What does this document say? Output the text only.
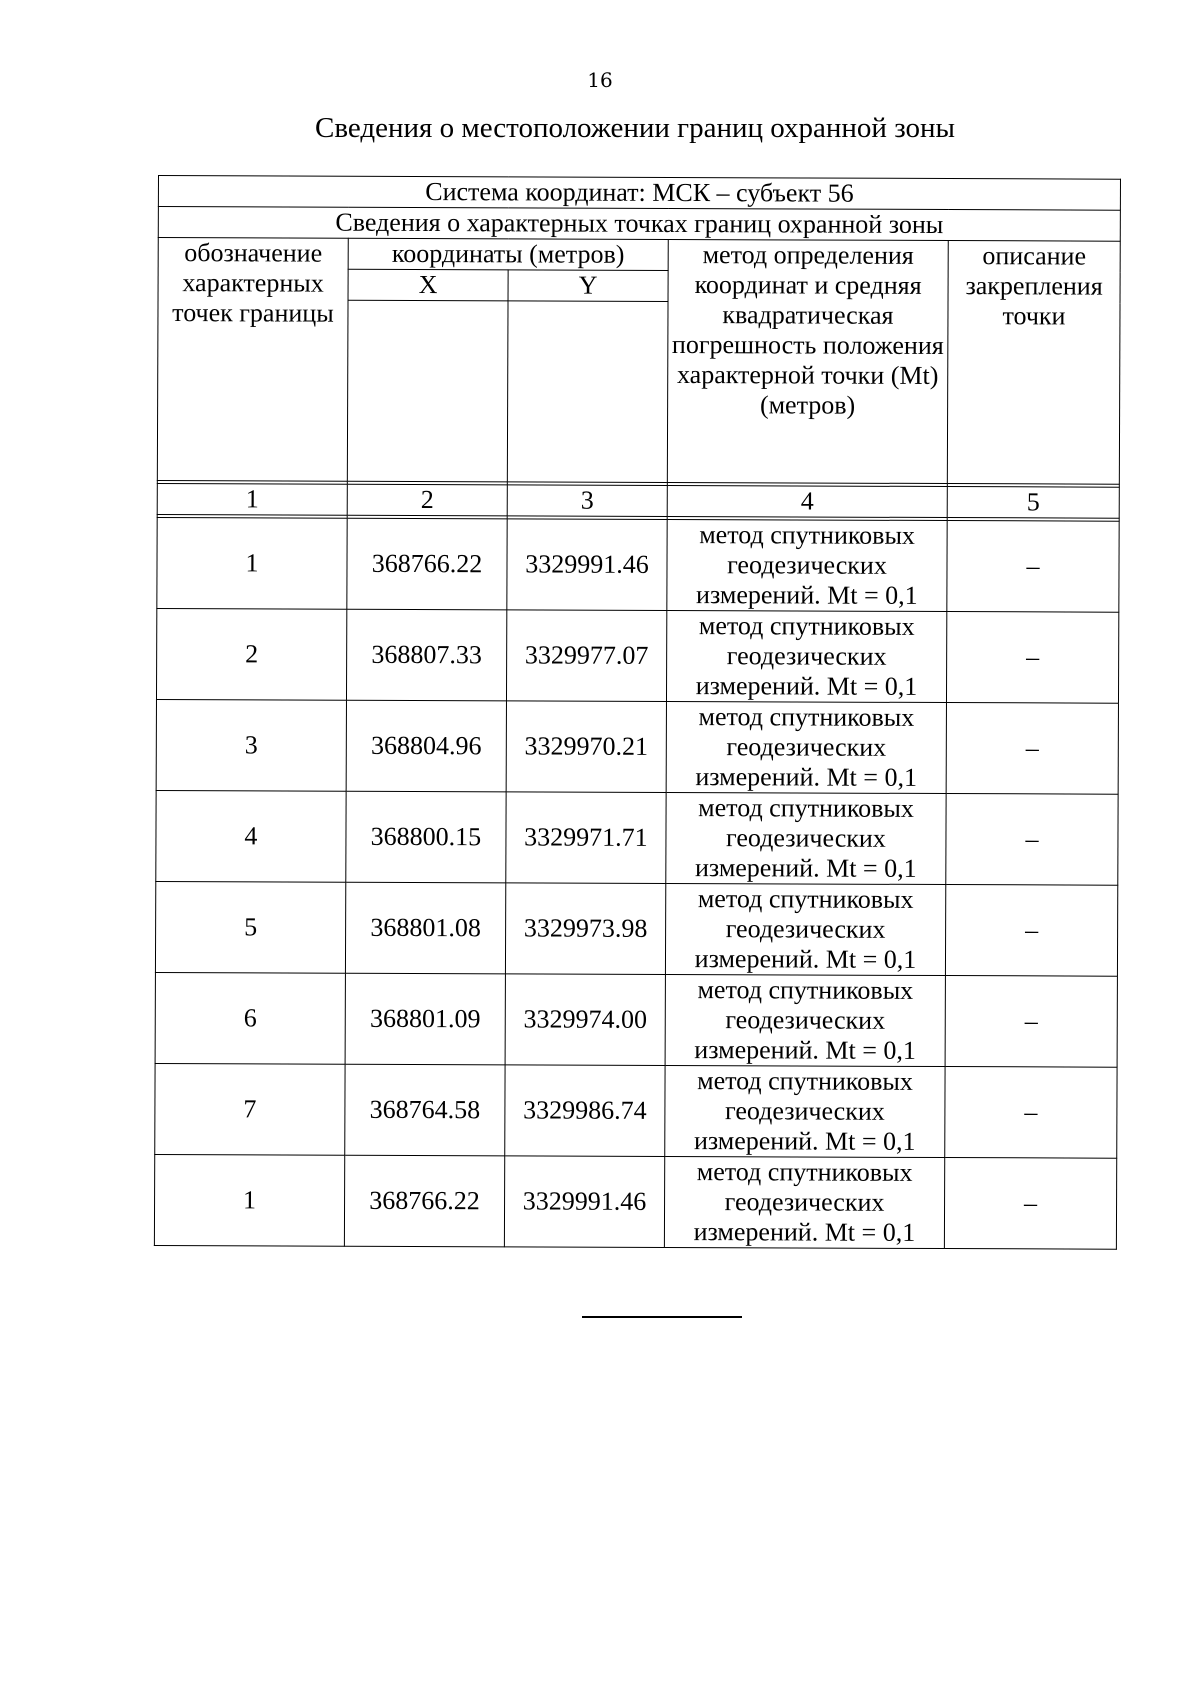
16
Сведения о местоположении границ охранной зоны
Система координат: МСК – субъект 56				
Сведения о характерных точках границ охранной зоны				
обозначение характерных точек границы	координаты (метров)		метод определения координат и средняя квадратическая погрешность положения характерной точки (Mt) (метров)	описание закрепления точки
	X	Y		

1	2	3	4	5

1	368766.22	3329991.46	метод спутниковых геодезических измерений. Mt = 0,1	–
2	368807.33	3329977.07	метод спутниковых геодезических измерений. Mt = 0,1	–
3	368804.96	3329970.21	метод спутниковых геодезических измерений. Mt = 0,1	–
4	368800.15	3329971.71	метод спутниковых геодезических измерений. Mt = 0,1	–
5	368801.08	3329973.98	метод спутниковых геодезических измерений. Mt = 0,1	–
6	368801.09	3329974.00	метод спутниковых геодезических измерений. Mt = 0,1	–
7	368764.58	3329986.74	метод спутниковых геодезических измерений. Mt = 0,1	–
1	368766.22	3329991.46	метод спутниковых геодезических измерений. Mt = 0,1	–
